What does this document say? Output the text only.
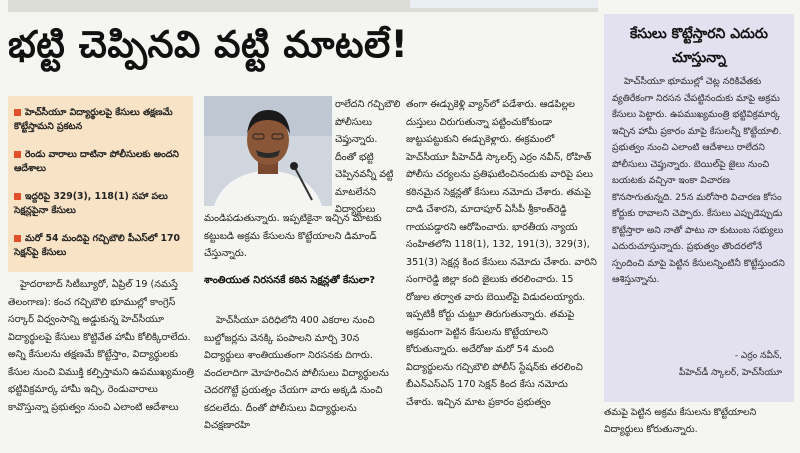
భట్టి చెప్పినవి వట్టి మాటలే!
హెచ్‌సీయూ విద్యార్థులపై కేసులు తక్షణమే కొట్టేస్తామని ప్రకటన
రెండు వారాలు దాటినా పోలీసులకు అందని ఆదేశాలు
ఇద్దరిపై 329(3), 118(1) సహా పలు సెక్షన్లపైనా కేసులు
మరో 54 మందిపై గచ్చిబౌలి పీఎస్‌లో 170 సెక్షన్‌పై కేసులు
రాలేదని గచ్చిబౌలి పోలీసులు చెప్తున్నారు. దీంతో భట్టి చెప్పినవన్నీ వట్టి మాటలేనని విద్యార్థులు
మండిపడుతున్నారు. ఇప్పటికైనా ఇచ్చిన మాటకు కట్టుబడి అక్రమ కేసులను కొట్టేయాలని డిమాండ్ చేస్తున్నారు.
హైదరాబాద్ సిటీబ్యూరో, ఏప్రిల్ 19 (నమస్తే తెలంగాణ): కంచ గచ్చిబౌలి భూముల్లో కాంగ్రెస్ సర్కార్ విధ్వంసాన్ని అడ్డుకున్న హెచ్‌సీయూ విద్యార్థులపై కేసులు కొట్టివేత హామీ కోలిక్కిరాలేదు. అన్ని కేసులను తక్షణమే కొట్టేస్తాం, విద్యార్థులకు కేసుల నుంచి విముక్తి కల్పిస్తామని ఉపముఖ్యమంత్రి భట్టివిక్రమార్క హామీ ఇచ్చి, రెండువారాలు కావొస్తున్నా ప్రభుత్వం నుంచి ఎలాంటి ఆదేశాలు
శాంతియుత నిరసనకే కఠిన సెక్షన్లతో కేసులా?
హెచ్‌సీయూ పరిధిలోని 400 ఎకరాల నుంచి బుల్డోజర్లను వెనక్కి పంపాలని మార్చి 30న విద్యార్థులు శాంతియుతంగా నిరసనకు దిగారు. వందలాదిగా మోహరించిన పోలీసులు విద్యార్థులను చెదరగొట్టే ప్రయత్నం చేయగా వారు అక్కడి నుంచి కదలలేదు. దీంతో పోలీసులు విద్యార్థులను విచక్షణారహి
తంగా ఈడ్చుకెళ్లి వ్యాన్‌లో పడేశారు. ఆడపిల్లల దుస్తులు చిరుగుతున్నా పట్టించుకోకుండా జుట్టుపట్టుకుని ఈడ్చుకెళ్లారు. ఈక్రమంలో హెచ్‌సీయూ పీహెచ్‌డీ స్కాలర్స్ ఎర్రం నవీన్, రోహిత్ పోలీసు చర్యలను ప్రతిఘటించినందుకు వారిపై పలు కఠినమైన సెక్షన్లతో కేసులు నమోదు చేశారు. తమపై దాడి చేశారని, మాదాపూర్ ఏసీపీ శ్రీకాంత్‌రెడ్డి గాయపడ్డారని ఆరోపించారు. భారతీయ న్యాయ సంహితలోని 118(1), 132, 191(3), 329(3), 351(3) సెక్షన్ల కింద కేసులు నమోదు చేశారు. వారిని సంగారెడ్డి జిల్లా కంది జైలుకు తరలించారు. 15 రోజుల తర్వాత వారు బెయిల్‌పై విడుదలయ్యారు. ఇప్పటికీ కోర్టు చుట్టూ తిరుగుతున్నారు. తమపై అక్రమంగా పెట్టిన కేసులను కొట్టేయాలని కోరుతున్నారు. అదేరోజు మరో 54 మంది విద్యార్థులను గచ్చిబౌలి పోలీస్ స్టేషన్‌కు తరలించి బీఎన్ఎస్ఎస్ 170 సెక్షన్ కింద కేసు నమోదు చేశారు. ఇచ్చిన మాట ప్రకారం ప్రభుత్వం
కేసులు కొట్టేస్తారని ఎదురు చూస్తున్నా
హెచ్‌సీయూ భూముల్లో చెట్ల నరికివేతకు వ్యతిరేకంగా నిరసన చేపట్టినందుకు మాపై అక్రమ కేసులు పెట్టారు. ఉపముఖ్యమంత్రి భట్టివిక్రమార్క ఇచ్చిన హామీ ప్రకారం మాపై కేసులన్నీ కొట్టేయాలి. ప్రభుత్వం నుంచి ఎలాంటి ఆదేశాలు రాలేదని పోలీసులు చెప్తున్నారు. బెయిల్‌పై జైలు నుంచి బయటకు వచ్చినా ఇంకా విచారణ కొనసాగుతున్నది. 25న మరోసారి విచారణ కోసం కోర్టుకు రావాలని చెప్పారు. కేసులు ఎప్పుడెప్పుడు కొట్టేస్తారా అని నాతో పాటు నా కుటుంబ సభ్యులు ఎదురుచూస్తున్నారు. ప్రభుత్వం తొందరలోనే స్పందించి మాపై పెట్టిన కేసులన్నింటినీ కొట్టేస్తుందని ఆశిస్తున్నాను.
- ఎర్రం నవీన్,
పీహెచ్‌డీ స్కాలర్, హెచ్‌సీయూ
తమపై పెట్టిన అక్రమ కేసులను కొట్టేయాలని విద్యార్థులు కోరుతున్నారు.
